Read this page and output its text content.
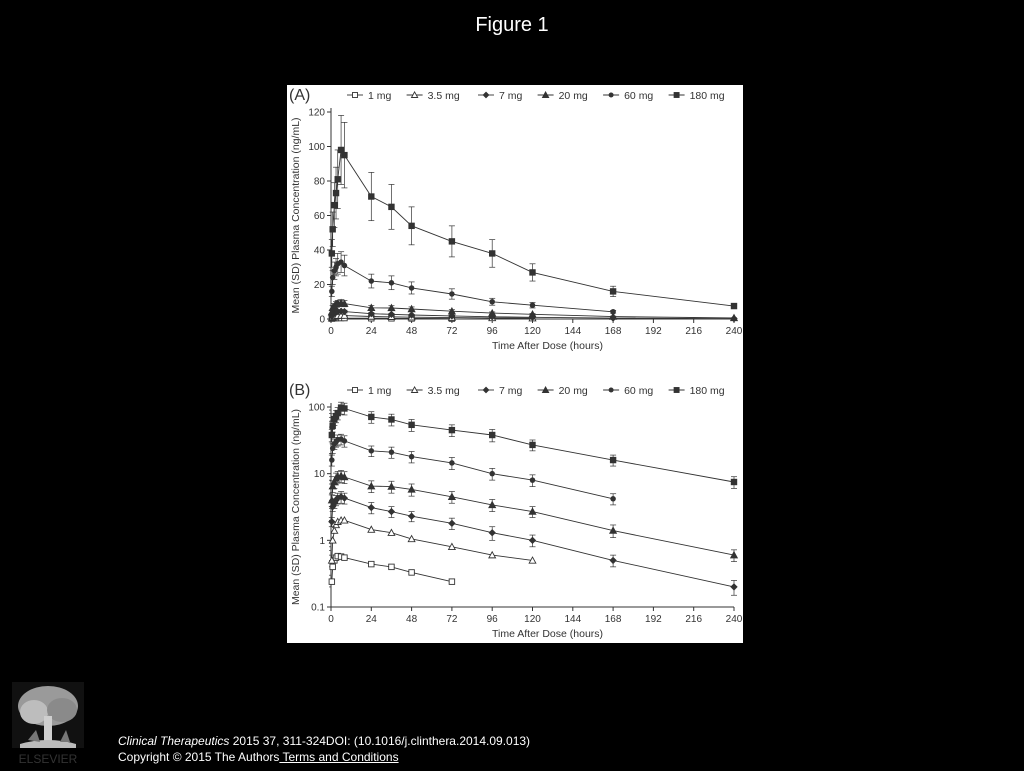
Figure 1
(A)	1 mg	3.5 mg	7 mg	20 mg	60 mg	180 mg
0	24	48	72	96	120 144 168 192 216 240
Time After Dose (hours)
0
20
40
60
80
100
120
Mean (SD) Plasma Concentration (ng/mL)
(B)	1 mg	3.5 mg	7 mg	20 mg	60 mg	180 mg
0	24	48	72	96	120 144 168 192 216 240
Time After Dose (hours)
0.1
1
10
100
Mean (SD) Plasma Concentration (ng/mL)
ELSEVIER
Clinical Therapeutics 2015 37, 311-324DOI: (10.1016/j.clinthera.2014.09.013)
Copyright © 2015 The Authors Terms and Conditions
